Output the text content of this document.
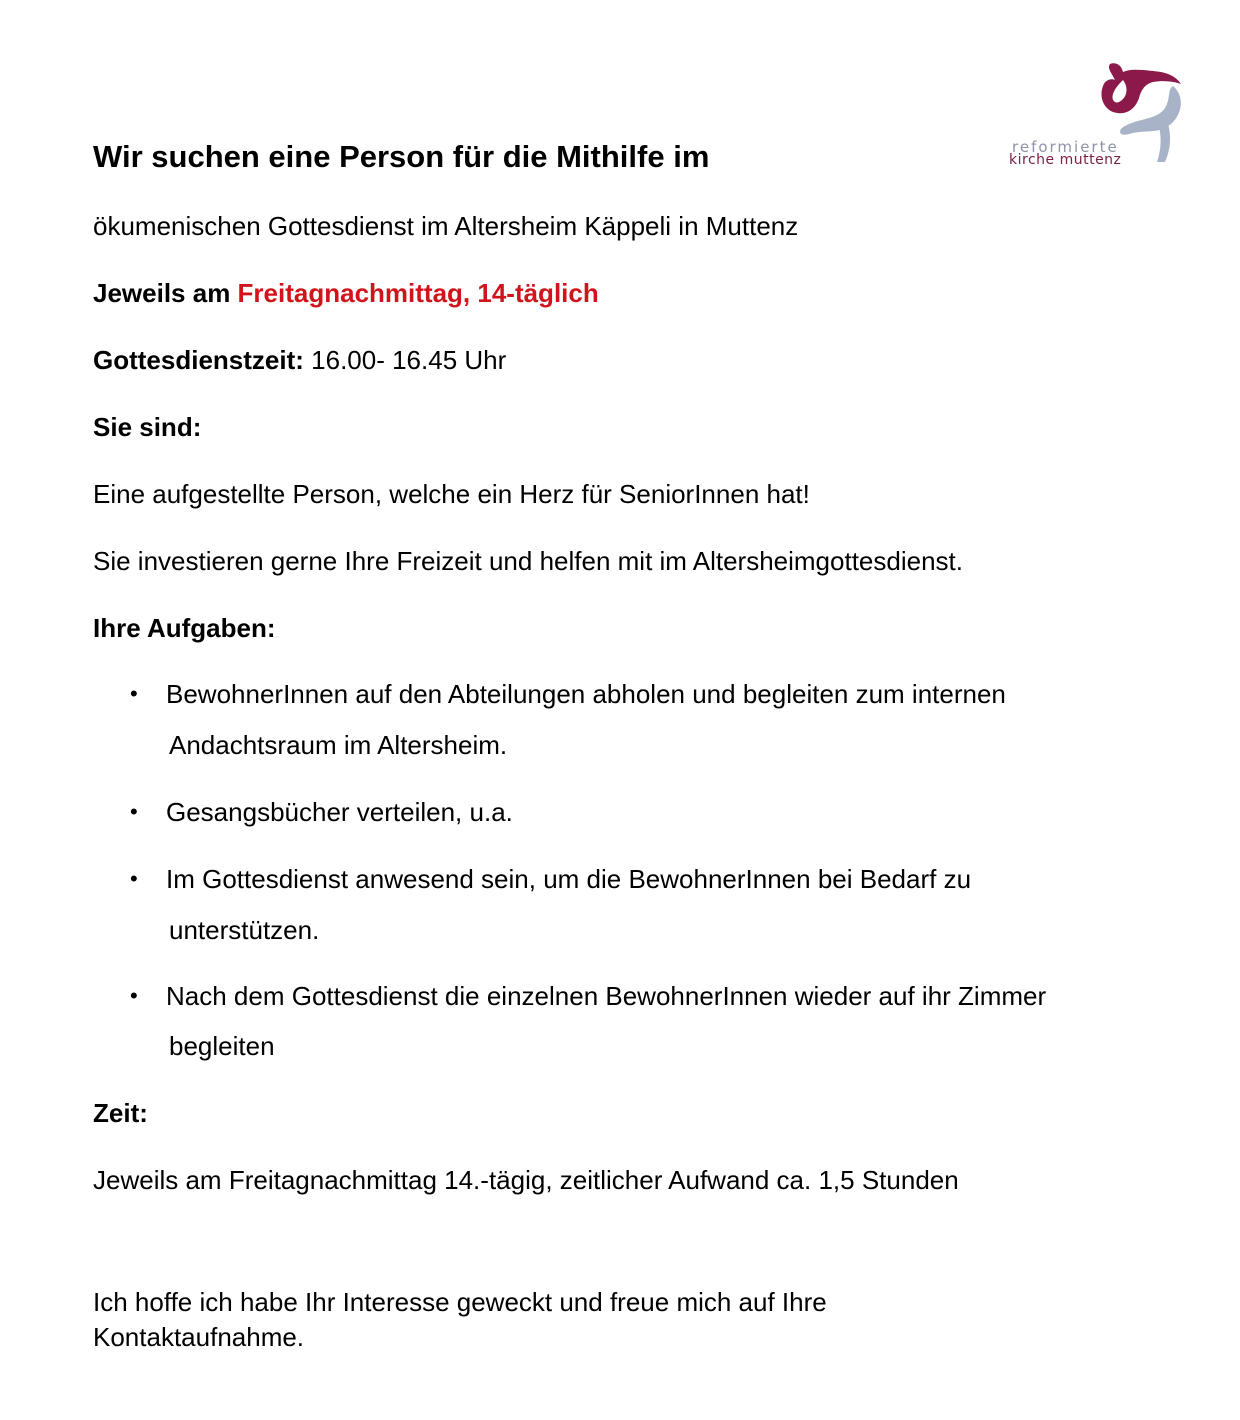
reformierte
kirche muttenz
Wir suchen eine Person für die Mithilfe im
ökumenischen Gottesdienst im Altersheim Käppeli in Muttenz
Jeweils am Freitagnachmittag, 14-täglich
Gottesdienstzeit: 16.00- 16.45 Uhr
Sie sind:
Eine aufgestellte Person, welche ein Herz für SeniorInnen hat!
Sie investieren gerne Ihre Freizeit und helfen mit im Altersheimgottesdienst.
Ihre Aufgaben:
• BewohnerInnen auf den Abteilungen abholen und begleiten zum internen
Andachtsraum im Altersheim.
• Gesangsbücher verteilen, u.a.
• Im Gottesdienst anwesend sein, um die BewohnerInnen bei Bedarf zu
unterstützen.
• Nach dem Gottesdienst die einzelnen BewohnerInnen wieder auf ihr Zimmer
begleiten
Zeit:
Jeweils am Freitagnachmittag 14.-tägig, zeitlicher Aufwand ca. 1,5 Stunden
Ich hoffe ich habe Ihr Interesse geweckt und freue mich auf Ihre
Kontaktaufnahme.
